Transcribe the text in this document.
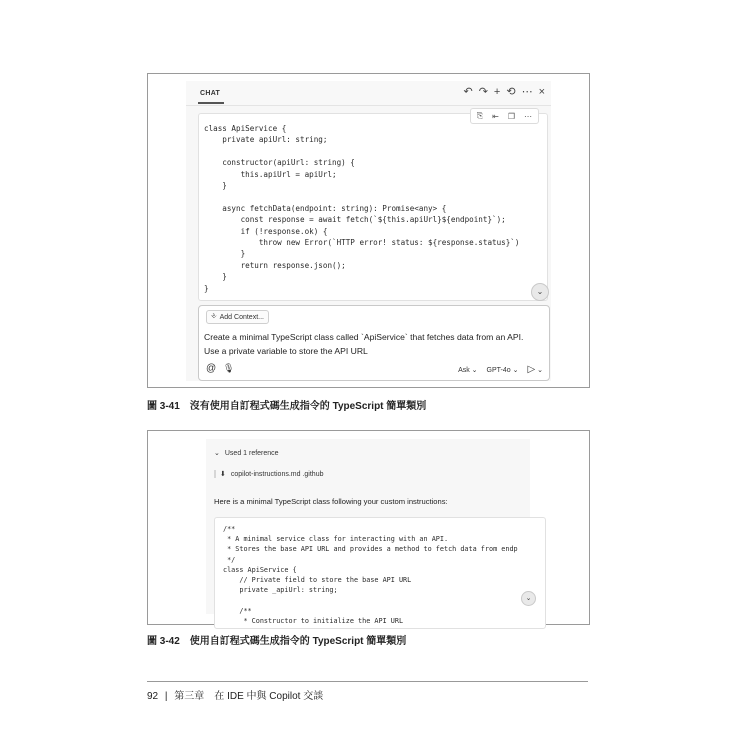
CHAT	↶ ↷ + ⟲ ⋯ ×
⎘ ⇤ ❐ ⋯
class ApiService {
private apiUrl: string;

constructor(apiUrl: string) {
this.apiUrl = apiUrl;
}

async fetchData(endpoint: string): Promise<any> {
const response = await fetch(`${this.apiUrl}${endpoint}`);
if (!response.ok) {
throw new Error(`HTTP error! status: ${response.status}`)
}
return response.json();
}
}	⌄
⎀ Add Context...
Create a minimal TypeScript class called `ApiService` that fetches data from an API. Use a private variable to store the API URL
@ 🎙	Ask ⌄ GPT-4o ⌄ ▷ ⌄
圖 3-41 沒有使用自訂程式碼生成指令的 TypeScript 簡單類別
⌄ Used 1 reference
⬇ copilot-instructions.md .github
Here is a minimal TypeScript class following your custom instructions:
/**
* A minimal service class for interacting with an API.
* Stores the base API URL and provides a method to fetch data from endp
*/
class ApiService {
// Private field to store the base API URL
private _apiUrl: string;

/**
* Constructor to initialize the API URL
⌄
圖 3-42 使用自訂程式碼生成指令的 TypeScript 簡單類別
92 | 第三章　在 IDE 中與 Copilot 交談
